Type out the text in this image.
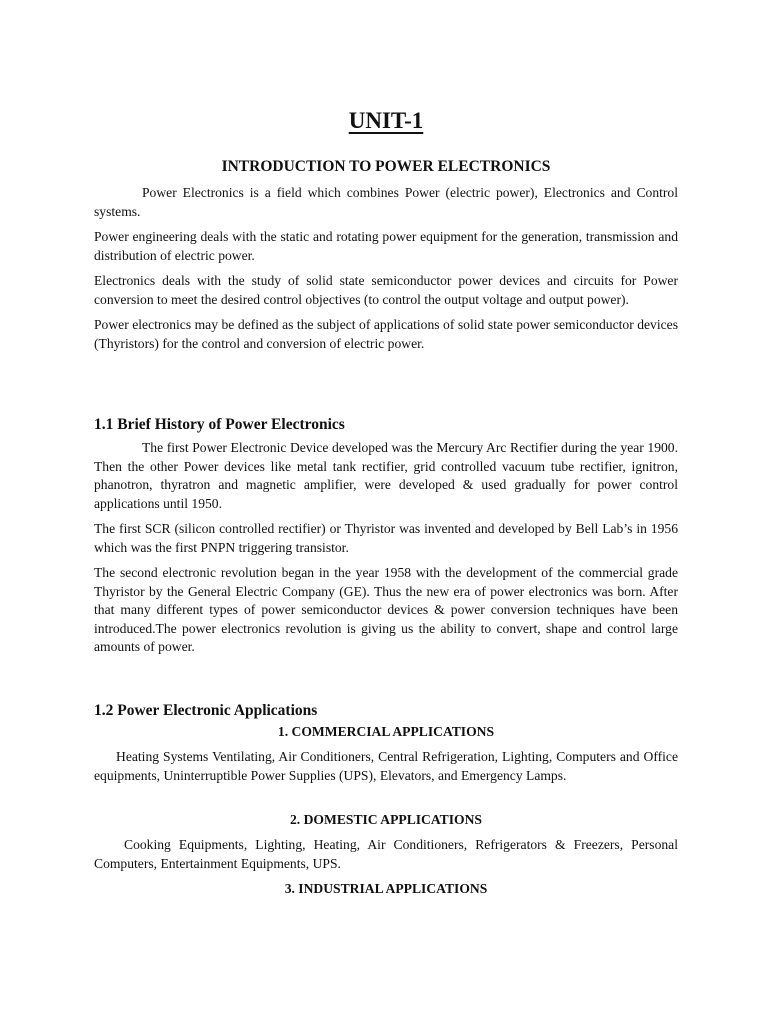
UNIT-1
INTRODUCTION TO POWER ELECTRONICS

Power Electronics is a field which combines Power (electric power), Electronics and Control systems.

Power engineering deals with the static and rotating power equipment for the generation, transmission and distribution of electric power.

Electronics deals with the study of solid state semiconductor power devices and circuits for Power conversion to meet the desired control objectives (to control the output voltage and output power).

Power electronics may be defined as the subject of applications of solid state power semiconductor devices (Thyristors) for the control and conversion of electric power.

1.1 Brief History of Power Electronics

The first Power Electronic Device developed was the Mercury Arc Rectifier during the year 1900. Then the other Power devices like metal tank rectifier, grid controlled vacuum tube rectifier, ignitron, phanotron, thyratron and magnetic amplifier, were developed & used gradually for power control applications until 1950.

The first SCR (silicon controlled rectifier) or Thyristor was invented and developed by Bell Lab’s in 1956 which was the first PNPN triggering transistor.

The second electronic revolution began in the year 1958 with the development of the commercial grade Thyristor by the General Electric Company (GE). Thus the new era of power electronics was born. After that many different types of power semiconductor devices & power conversion techniques have been introduced.The power electronics revolution is giving us the ability to convert, shape and control large amounts of power.

1.2 Power Electronic Applications
1. COMMERCIAL APPLICATIONS

Heating Systems Ventilating, Air Conditioners, Central Refrigeration, Lighting, Computers and Office equipments, Uninterruptible Power Supplies (UPS), Elevators, and Emergency Lamps.

2. DOMESTIC APPLICATIONS

Cooking Equipments, Lighting, Heating, Air Conditioners, Refrigerators & Freezers, Personal Computers, Entertainment Equipments, UPS.

3. INDUSTRIAL APPLICATIONS
